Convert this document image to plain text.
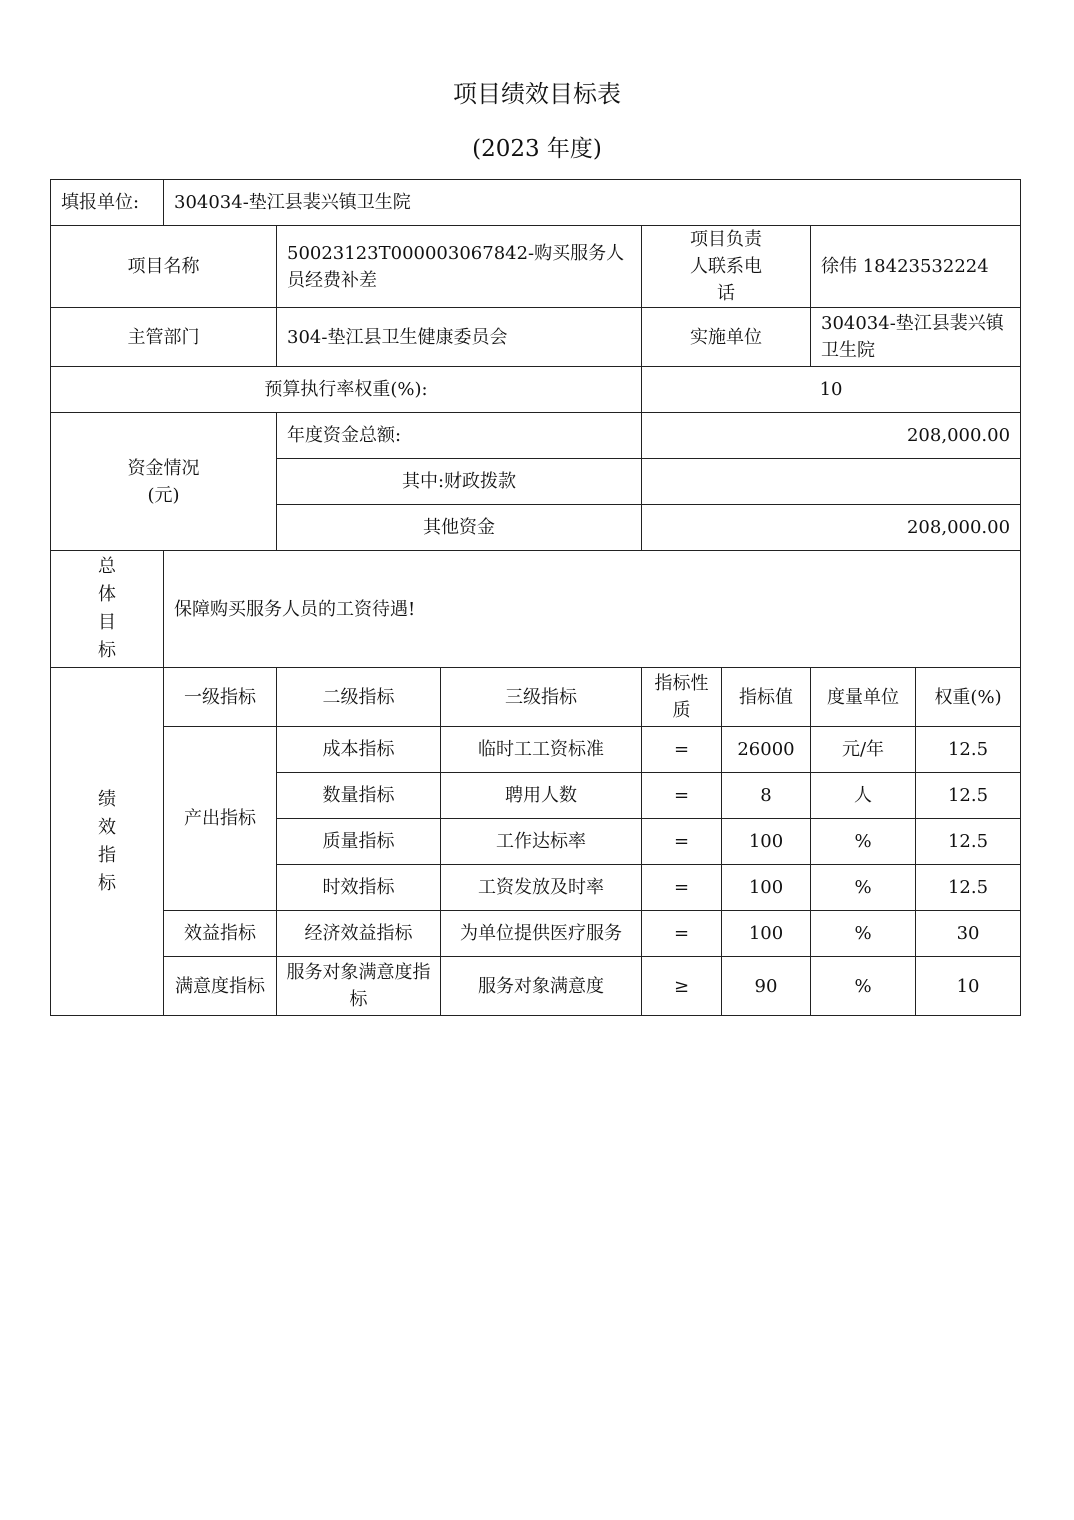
项目绩效目标表
(2023 年度)
填报单位:	304034-垫江县裴兴镇卫生院						
项目名称		50023123T000003067842-购买服务人员经费补差		项目负责人联系电话		徐伟 18423532224	
主管部门		304-垫江县卫生健康委员会		实施单位		304034-垫江县裴兴镇卫生院	
预算执行率权重(%):				10			

资金情况
(元)		年度资金总额:		208,000.00			
		其中:财政拨款					
		其他资金		208,000.00			

总
体
目
标	保障购买服务人员的工资待遇!						

绩
效
指
标	一级指标	二级指标	三级指标	指标性质	指标值	度量单位	权重(%)
	产出指标	成本指标	临时工工资标准	=	26000	元/年	12.5
		数量指标	聘用人数	=	8	人	12.5
		质量指标	工作达标率	=	100	%	12.5
		时效指标	工资发放及时率	=	100	%	12.5
	效益指标	经济效益指标	为单位提供医疗服务	=	100	%	30
	满意度指标	服务对象满意度指标	服务对象满意度	≥	90	%	10
